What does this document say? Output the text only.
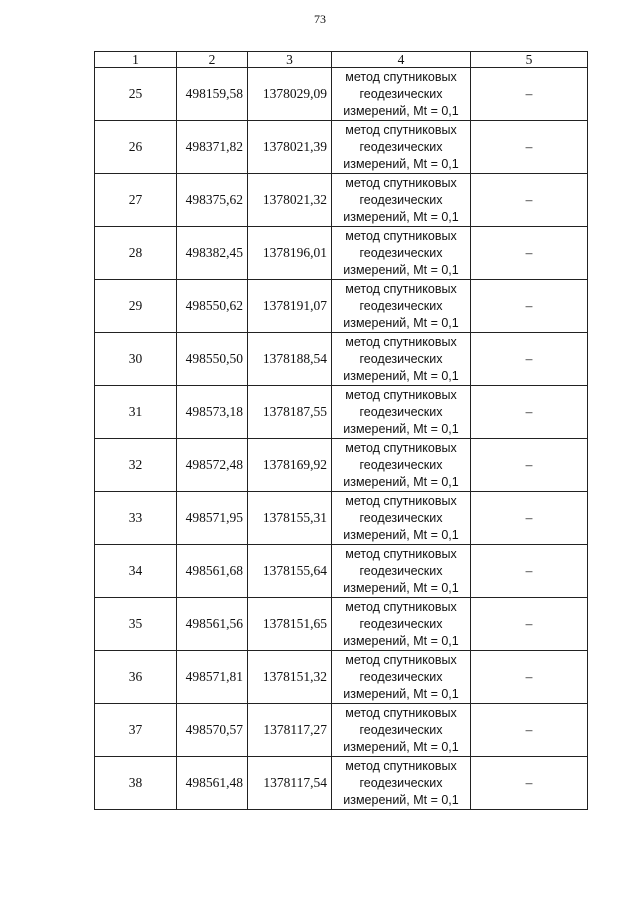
73
1	2	3	4	5
25	498159,58	1378029,09	метод спутниковых
геодезических
измерений, Mt = 0,1	–
26	498371,82	1378021,39	метод спутниковых
геодезических
измерений, Mt = 0,1	–
27	498375,62	1378021,32	метод спутниковых
геодезических
измерений, Mt = 0,1	–
28	498382,45	1378196,01	метод спутниковых
геодезических
измерений, Mt = 0,1	–
29	498550,62	1378191,07	метод спутниковых
геодезических
измерений, Mt = 0,1	–
30	498550,50	1378188,54	метод спутниковых
геодезических
измерений, Mt = 0,1	–
31	498573,18	1378187,55	метод спутниковых
геодезических
измерений, Mt = 0,1	–
32	498572,48	1378169,92	метод спутниковых
геодезических
измерений, Mt = 0,1	–
33	498571,95	1378155,31	метод спутниковых
геодезических
измерений, Mt = 0,1	–
34	498561,68	1378155,64	метод спутниковых
геодезических
измерений, Mt = 0,1	–
35	498561,56	1378151,65	метод спутниковых
геодезических
измерений, Mt = 0,1	–
36	498571,81	1378151,32	метод спутниковых
геодезических
измерений, Mt = 0,1	–
37	498570,57	1378117,27	метод спутниковых
геодезических
измерений, Mt = 0,1	–
38	498561,48	1378117,54	метод спутниковых
геодезических
измерений, Mt = 0,1	–
